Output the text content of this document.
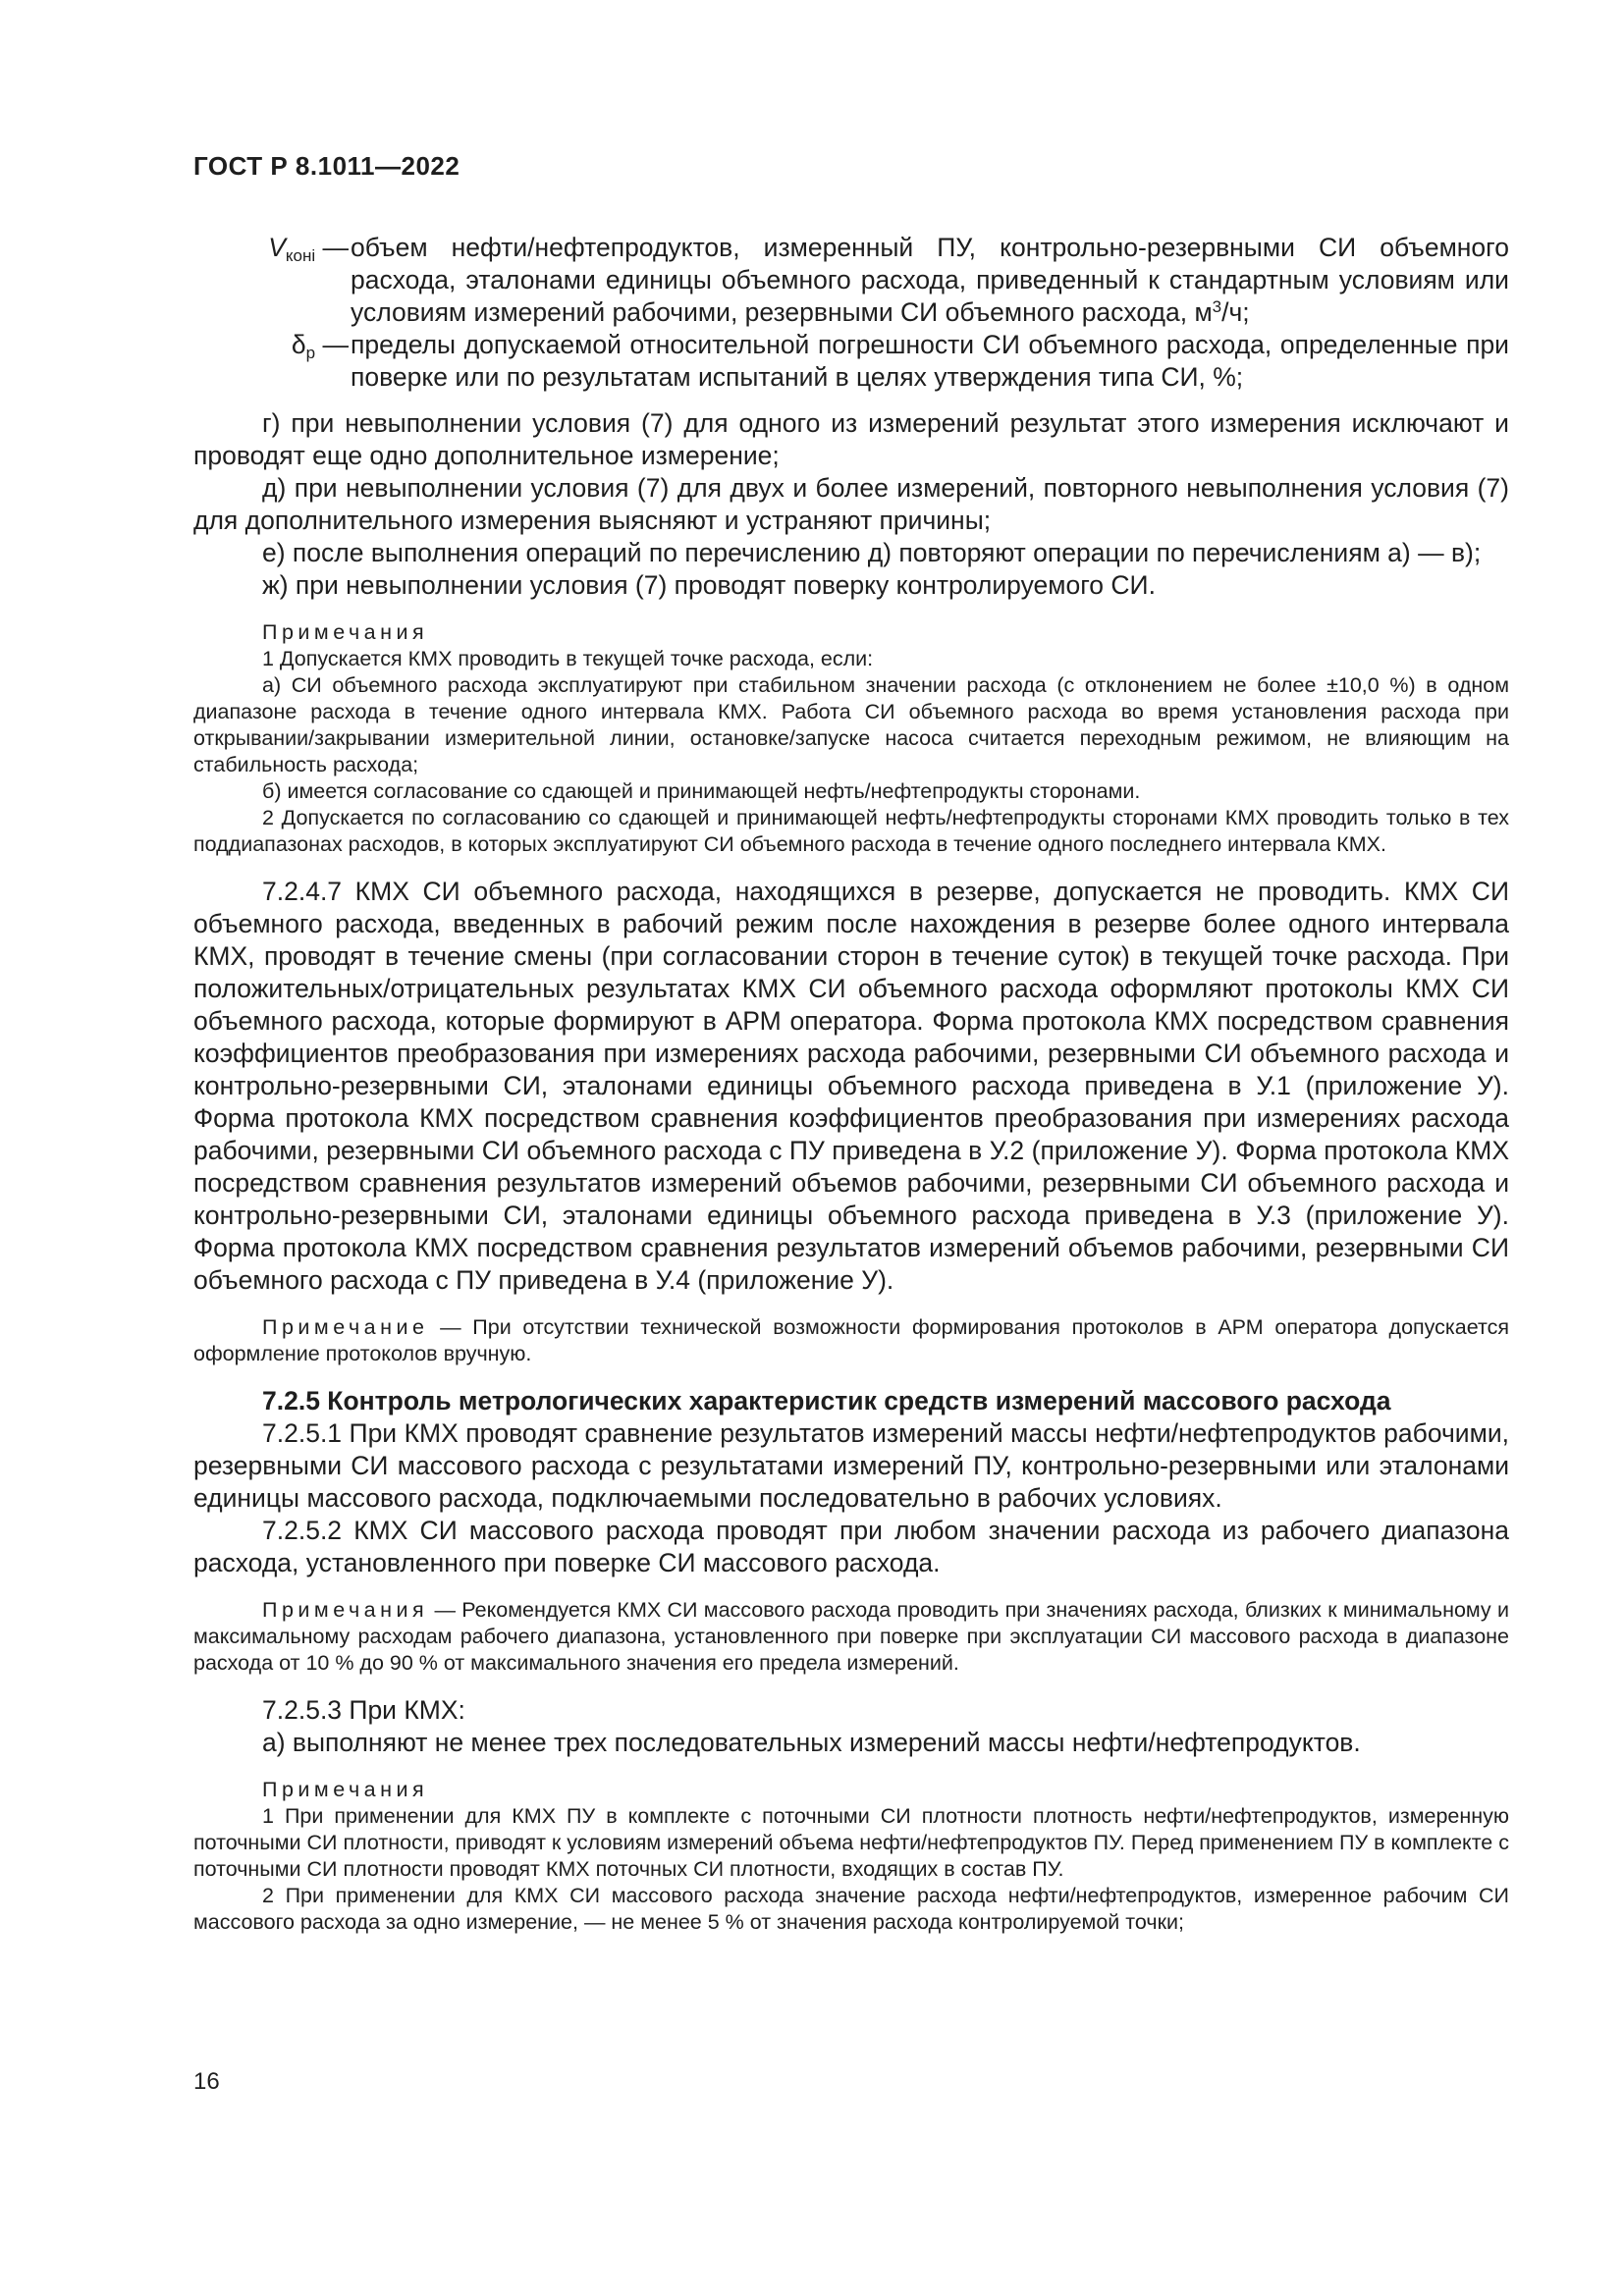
ГОСТ Р 8.1011—2022
$V_{конi}$ — объем нефти/нефтепродуктов, измеренный ПУ, контрольно-резервными СИ объемного расхода, эталонами единицы объемного расхода, приведенный к стандартным условиям или условиям измерений рабочими, резервными СИ объемного расхода, $м^3/ч$;
$\delta_р$ — пределы допускаемой относительной погрешности СИ объемного расхода, определенные при поверке или по результатам испытаний в целях утверждения типа СИ, %;

г) при невыполнении условия (7) для одного из измерений результат этого измерения исключают и проводят еще одно дополнительное измерение;

д) при невыполнении условия (7) для двух и более измерений, повторного невыполнения условия (7) для дополнительного измерения выясняют и устраняют причины;

е) после выполнения операций по перечислению д) повторяют операции по перечислениям а) — в);

ж) при невыполнении условия (7) проводят поверку контролируемого СИ.

Примечания

1 Допускается КМХ проводить в текущей точке расхода, если:

а) СИ объемного расхода эксплуатируют при стабильном значении расхода (с отклонением не более ±10,0 %) в одном диапазоне расхода в течение одного интервала КМХ. Работа СИ объемного расхода во время установления расхода при открывании/закрывании измерительной линии, остановке/запуске насоса считается переходным режимом, не влияющим на стабильность расхода;

б) имеется согласование со сдающей и принимающей нефть/нефтепродукты сторонами.

2 Допускается по согласованию со сдающей и принимающей нефть/нефтепродукты сторонами КМХ проводить только в тех поддиапазонах расходов, в которых эксплуатируют СИ объемного расхода в течение одного последнего интервала КМХ.

7.2.4.7 КМХ СИ объемного расхода, находящихся в резерве, допускается не проводить. КМХ СИ объемного расхода, введенных в рабочий режим после нахождения в резерве более одного интервала КМХ, проводят в течение смены (при согласовании сторон в течение суток) в текущей точке расхода. При положительных/отрицательных результатах КМХ СИ объемного расхода оформляют протоколы КМХ СИ объемного расхода, которые формируют в АРМ оператора. Форма протокола КМХ посредством сравнения коэффициентов преобразования при измерениях расхода рабочими, резервными СИ объемного расхода и контрольно-резервными СИ, эталонами единицы объемного расхода приведена в У.1 (приложение У). Форма протокола КМХ посредством сравнения коэффициентов преобразования при измерениях расхода рабочими, резервными СИ объемного расхода с ПУ приведена в У.2 (приложение У). Форма протокола КМХ посредством сравнения результатов измерений объемов рабочими, резервными СИ объемного расхода и контрольно-резервными СИ, эталонами единицы объемного расхода приведена в У.3 (приложение У). Форма протокола КМХ посредством сравнения результатов измерений объемов рабочими, резервными СИ объемного расхода с ПУ приведена в У.4 (приложение У).

Примечание — При отсутствии технической возможности формирования протоколов в АРМ оператора допускается оформление протоколов вручную.

7.2.5 Контроль метрологических характеристик средств измерений массового расхода

7.2.5.1 При КМХ проводят сравнение результатов измерений массы нефти/нефтепродуктов рабочими, резервными СИ массового расхода с результатами измерений ПУ, контрольно-резервными или эталонами единицы массового расхода, подключаемыми последовательно в рабочих условиях.

7.2.5.2 КМХ СИ массового расхода проводят при любом значении расхода из рабочего диапазона расхода, установленного при поверке СИ массового расхода.

Примечания — Рекомендуется КМХ СИ массового расхода проводить при значениях расхода, близких к минимальному и максимальному расходам рабочего диапазона, установленного при поверке при эксплуатации СИ массового расхода в диапазоне расхода от 10 % до 90 % от максимального значения его предела измерений.

7.2.5.3 При КМХ:

а) выполняют не менее трех последовательных измерений массы нефти/нефтепродуктов.

Примечания

1 При применении для КМХ ПУ в комплекте с поточными СИ плотности плотность нефти/нефтепродуктов, измеренную поточными СИ плотности, приводят к условиям измерений объема нефти/нефтепродуктов ПУ. Перед применением ПУ в комплекте с поточными СИ плотности проводят КМХ поточных СИ плотности, входящих в состав ПУ.

2 При применении для КМХ СИ массового расхода значение расхода нефти/нефтепродуктов, измеренное рабочим СИ массового расхода за одно измерение, — не менее 5 % от значения расхода контролируемой точки;

16
